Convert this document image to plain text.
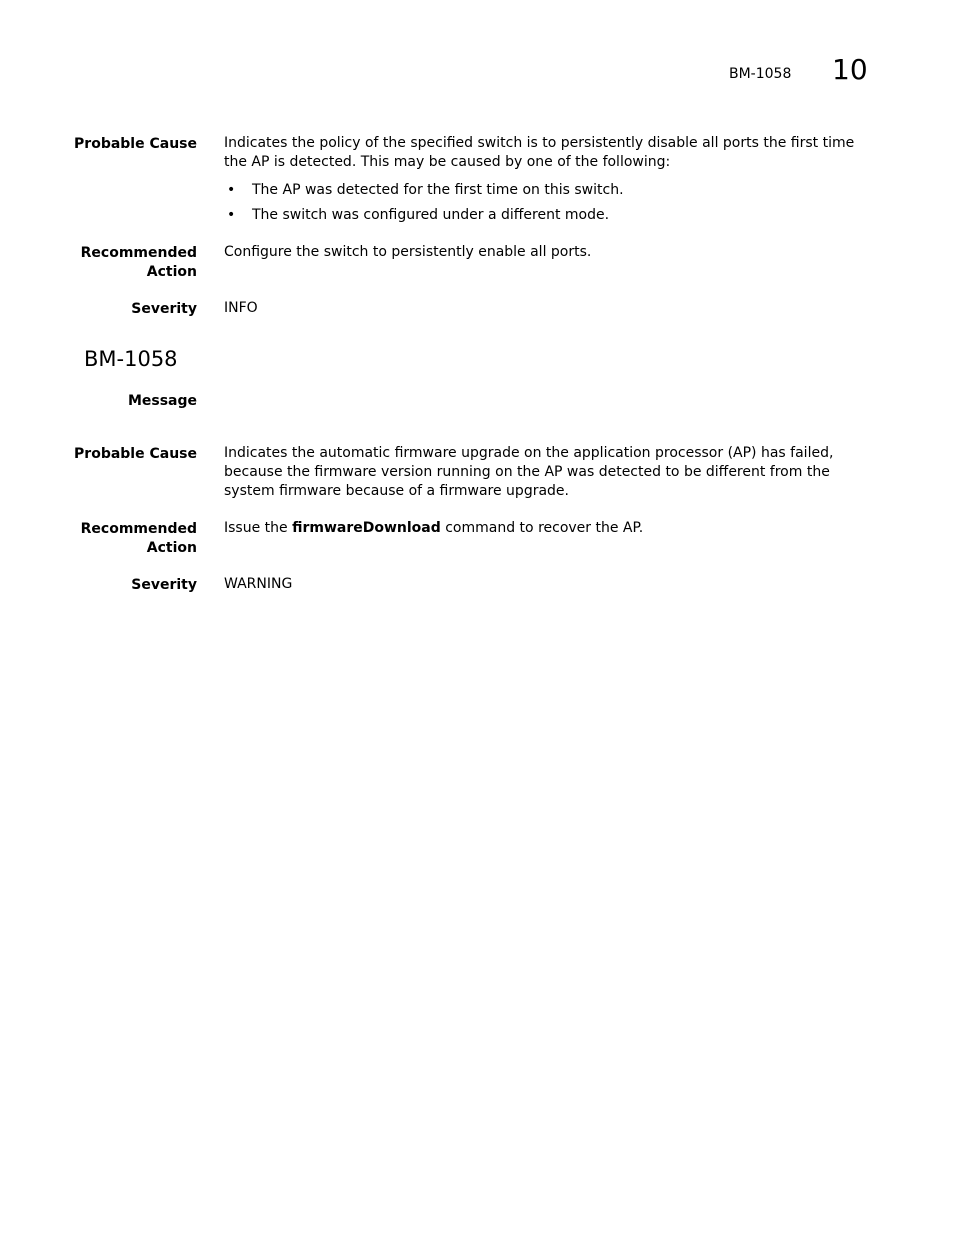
BM-1058 10
Probable Cause Indicates the policy of the specified switch is to persistently disable all ports the first time the AP is detected. This may be caused by one of the following:
• The AP was detected for the first time on this switch.
• The switch was configured under a different mode.
Recommended
Action
Configure the switch to persistently enable all ports.
Severity INFO
BM-1058
Message
Probable Cause Indicates the automatic firmware upgrade on the application processor (AP) has failed, because the firmware version running on the AP was detected to be different from the system firmware because of a firmware upgrade.
Recommended
Action
Issue the firmwareDownload command to recover the AP.
Severity WARNING
